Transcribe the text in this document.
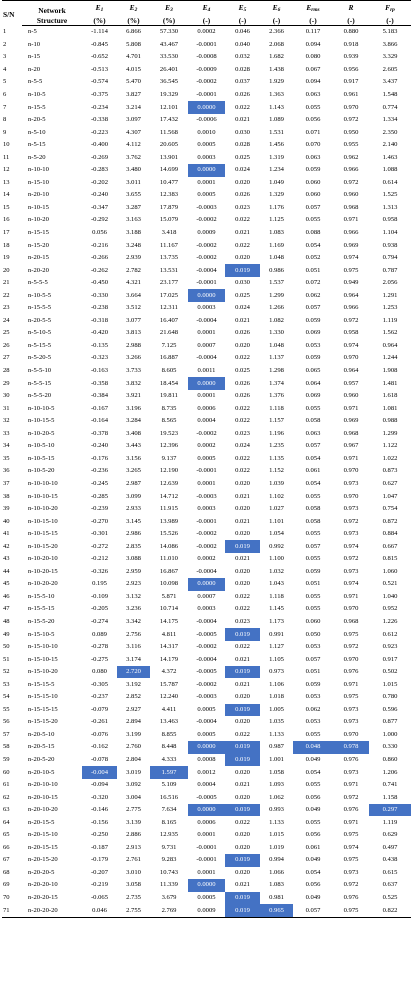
S/N	Network	$E_1$	$E_2$	$E_3$	$E_4$	$E_5$	$E_6$	$E_{rms}$	R	$F_{rp}$
	Structure	(%)	(%)	(%)	(-)	(-)	(-)	(-)	(-)	(-)
1	n-5	-1.114	6.866	57.330	0.0002	0.046	2.366	0.117	0.880	5.183
2	n-10	-0.845	5.808	43.467	-0.0001	0.040	2.068	0.094	0.918	3.866
3	n-15	-0.652	4.701	33.530	-0.0008	0.032	1.682	0.080	0.939	3.329
4	n-20	-0.513	4.015	26.401	-0.0009	0.028	1.438	0.067	0.956	2.605
5	n-5-5	-0.574	5.470	36.545	-0.0002	0.037	1.929	0.094	0.917	3.437
6	n-10-5	-0.375	3.827	19.329	-0.0001	0.026	1.363	0.063	0.961	1.548
7	n-15-5	-0.234	3.214	12.101	0.0000	0.022	1.143	0.055	0.970	0.774
8	n-20-5	-0.338	3.097	17.432	-0.0006	0.021	1.089	0.056	0.972	1.334
9	n-5-10	-0.223	4.307	11.568	0.0010	0.030	1.531	0.071	0.950	2.350
10	n-5-15	-0.400	4.112	20.605	0.0005	0.028	1.456	0.070	0.955	2.140
11	n-5-20	-0.269	3.762	13.901	0.0003	0.025	1.319	0.063	0.962	1.463
12	n-10-10	-0.283	3.480	14.699	0.0000	0.024	1.234	0.059	0.966	1.088
13	n-15-10	-0.202	3.011	10.477	0.0001	0.020	1.049	0.060	0.972	0.614
14	n-20-10	-0.240	3.655	12.383	0.0005	0.026	1.329	0.060	0.960	1.525
15	n-10-15	-0.347	3.287	17.879	-0.0003	0.023	1.176	0.057	0.968	1.313
16	n-10-20	-0.292	3.163	15.079	-0.0002	0.022	1.125	0.055	0.971	0.958
17	n-15-15	0.056	3.188	3.418	0.0009	0.021	1.083	0.088	0.966	1.104
18	n-15-20	-0.216	3.248	11.167	-0.0002	0.022	1.169	0.054	0.969	0.938
19	n-20-15	-0.266	2.939	13.735	-0.0002	0.020	1.048	0.052	0.974	0.794
20	n-20-20	-0.262	2.782	13.531	-0.0004	0.019	0.986	0.051	0.975	0.787
21	n-5-5-5	-0.450	4.321	23.177	-0.0001	0.030	1.537	0.072	0.949	2.056
22	n-10-5-5	-0.330	3.664	17.025	0.0000	0.025	1.299	0.062	0.964	1.291
23	n-15-5-5	-0.238	3.512	12.311	0.0003	0.024	1.266	0.057	0.966	1.253
24	n-20-5-5	-0.318	3.077	16.407	-0.0004	0.021	1.082	0.059	0.972	1.119
25	n-5-10-5	-0.420	3.813	21.648	0.0001	0.026	1.330	0.069	0.958	1.562
26	n-5-15-5	-0.135	2.988	7.125	0.0007	0.020	1.048	0.053	0.974	0.964
27	n-5-20-5	-0.323	3.266	16.887	-0.0004	0.022	1.137	0.059	0.970	1.244
28	n-5-5-10	-0.163	3.733	8.605	0.0011	0.025	1.298	0.065	0.964	1.908
29	n-5-5-15	-0.358	3.832	18.454	0.0000	0.026	1.374	0.064	0.957	1.481
30	n-5-5-20	-0.384	3.921	19.811	0.0001	0.026	1.376	0.069	0.960	1.618
31	n-10-10-5	-0.167	3.196	8.735	0.0006	0.022	1.118	0.055	0.971	1.081
32	n-10-15-5	-0.164	3.284	8.565	0.0004	0.022	1.157	0.058	0.969	0.988
33	n-10-20-5	-0.378	3.408	19.523	-0.0002	0.023	1.196	0.063	0.968	1.299
34	n-10-5-10	-0.240	3.443	12.396	0.0002	0.024	1.235	0.057	0.967	1.122
35	n-10-5-15	-0.176	3.156	9.137	0.0005	0.022	1.135	0.054	0.971	1.022
36	n-10-5-20	-0.236	3.265	12.190	-0.0001	0.022	1.152	0.061	0.970	0.873
37	n-10-10-10	-0.245	2.987	12.639	0.0001	0.020	1.039	0.054	0.973	0.627
38	n-10-10-15	-0.285	3.099	14.712	-0.0003	0.021	1.102	0.055	0.970	1.047
39	n-10-10-20	-0.239	2.933	11.915	0.0003	0.020	1.027	0.058	0.973	0.754
40	n-10-15-10	-0.270	3.145	13.989	-0.0001	0.021	1.101	0.058	0.972	0.872
41	n-10-15-15	-0.301	2.986	15.526	-0.0002	0.020	1.054	0.055	0.973	0.884
42	n-10-15-20	-0.272	2.835	14.086	-0.0002	0.019	0.992	0.057	0.974	0.667
43	n-10-20-10	-0.212	3.088	11.010	0.0002	0.021	1.100	0.055	0.972	0.815
44	n-10-20-15	-0.326	2.959	16.867	-0.0004	0.020	1.032	0.059	0.973	1.060
45	n-10-20-20	0.195	2.923	10.098	0.0000	0.020	1.043	0.051	0.974	0.521
46	n-15-5-10	-0.109	3.132	5.871	0.0007	0.022	1.118	0.055	0.971	1.040
47	n-15-5-15	-0.205	3.236	10.714	0.0003	0.022	1.145	0.055	0.970	0.952
48	n-15-5-20	-0.274	3.342	14.175	-0.0004	0.023	1.173	0.060	0.968	1.226
49	n-15-10-5	0.089	2.756	4.811	-0.0005	0.019	0.991	0.050	0.975	0.612
50	n-15-10-10	-0.278	3.116	14.317	-0.0002	0.022	1.127	0.053	0.972	0.923
51	n-15-10-15	-0.275	3.174	14.179	-0.0004	0.021	1.105	0.057	0.970	0.917
52	n-15-10-20	0.080	2.720	4.372	-0.0005	0.019	0.973	0.051	0.976	0.502
53	n-15-15-5	-0.305	3.192	15.787	-0.0002	0.021	1.106	0.059	0.971	1.015
54	n-15-15-10	-0.237	2.852	12.240	-0.0003	0.020	1.018	0.053	0.975	0.780
55	n-15-15-15	-0.079	2.927	4.411	0.0005	0.019	1.005	0.062	0.973	0.596
56	n-15-15-20	-0.261	2.894	13.463	-0.0004	0.020	1.035	0.053	0.973	0.877
57	n-20-5-10	-0.076	3.199	8.855	0.0005	0.022	1.133	0.055	0.970	1.000
58	n-20-5-15	-0.162	2.760	8.448	0.0000	0.019	0.987	0.048	0.978	0.330
59	n-20-5-20	-0.078	2.804	4.333	0.0008	0.019	1.001	0.049	0.976	0.860
60	n-20-10-5	-0.004	3.019	1.597	0.0012	0.020	1.058	0.054	0.973	1.206
61	n-20-10-10	-0.094	3.092	5.109	0.0004	0.021	1.093	0.055	0.971	0.741
62	n-20-10-15	-0.320	3.004	16.516	-0.0005	0.020	1.062	0.056	0.972	1.158
63	n-20-10-20	-0.146	2.775	7.634	0.0000	0.019	0.993	0.049	0.976	0.297
64	n-20-15-5	-0.156	3.139	8.165	0.0006	0.022	1.133	0.055	0.971	1.119
65	n-20-15-10	-0.250	2.886	12.935	0.0001	0.020	1.015	0.056	0.975	0.629
66	n-20-15-15	-0.187	2.913	9.731	-0.0001	0.020	1.019	0.061	0.974	0.497
67	n-20-15-20	-0.179	2.761	9.283	-0.0001	0.019	0.994	0.049	0.975	0.438
68	n-20-20-5	-0.207	3.010	10.743	0.0001	0.020	1.066	0.054	0.973	0.615
69	n-20-20-10	-0.219	3.058	11.339	0.0000	0.021	1.083	0.056	0.972	0.637
70	n-20-20-15	-0.065	2.735	3.679	0.0005	0.019	0.981	0.049	0.976	0.525
71	n-20-20-20	0.046	2.755	2.769	0.0009	0.019	0.965	0.057	0.975	0.822
